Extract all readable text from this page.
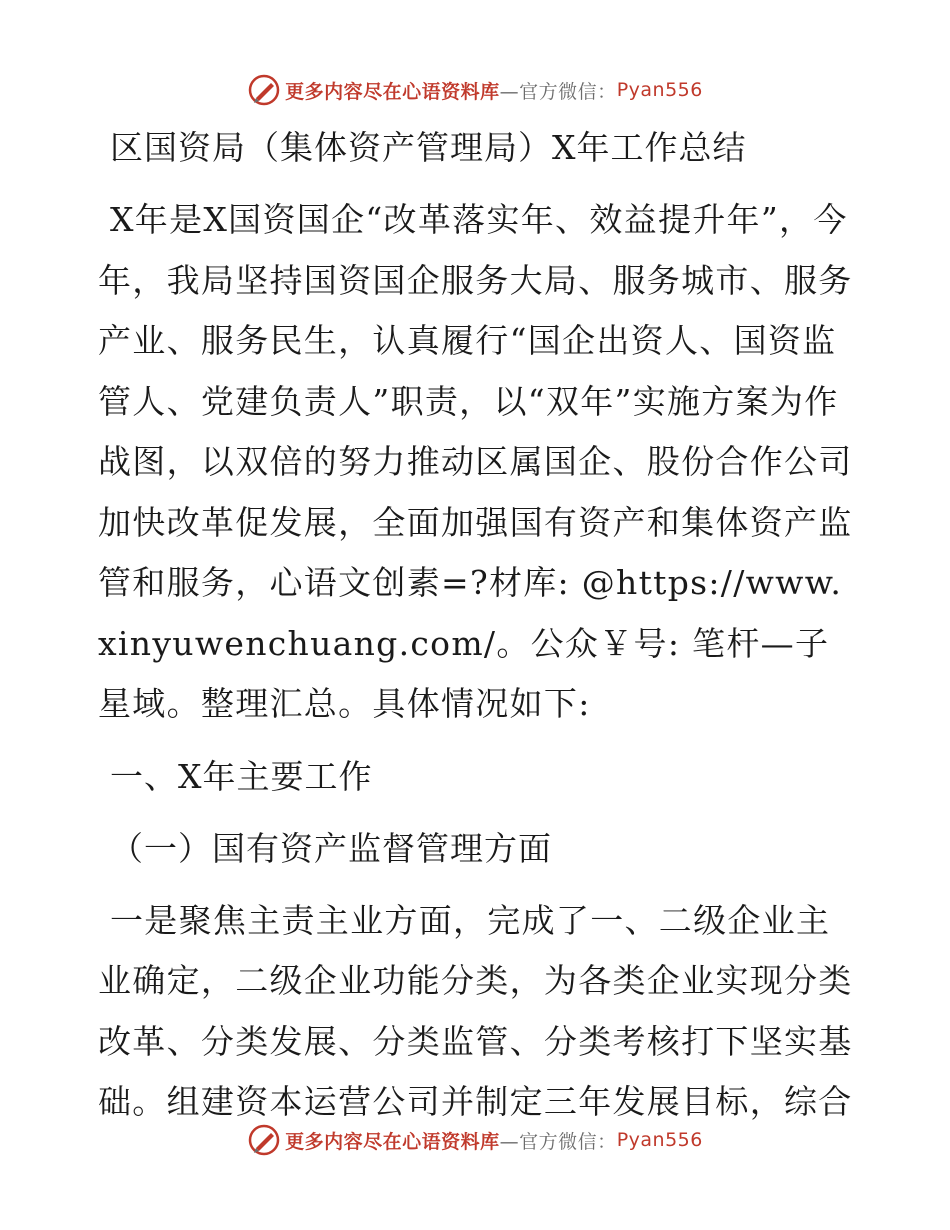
更多内容尽在心语资料库 —官方微信： Pyan556
区国资局（集体资产管理局）X年工作总结

X年是X国资国企“改革落实年、效益提升年”，今年，我局坚持国资国企服务大局、服务城市、服务产业、服务民生，认真履行“国企出资人、国资监管人、党建负责人”职责，以“双年”实施方案为作战图，以双倍的努力推动区属国企、股份合作公司加快改革促发展，全面加强国有资产和集体资产监管和服务，心语文创素=?材库: @https://www.xinyuwenchuang.com/。公众￥号: 笔杆—子星域。整理汇总。具体情况如下:

一、X年主要工作
（一）国有资产监督管理方面

一是聚焦主责主业方面，完成了一、二级企业主业确定，二级企业功能分类，为各类企业实现分类改革、分类发展、分类监管、分类考核打下坚实基础。组建资本运营公司并制定三年发展目标，综合

更多内容尽在心语资料库 —官方微信： Pyan556
